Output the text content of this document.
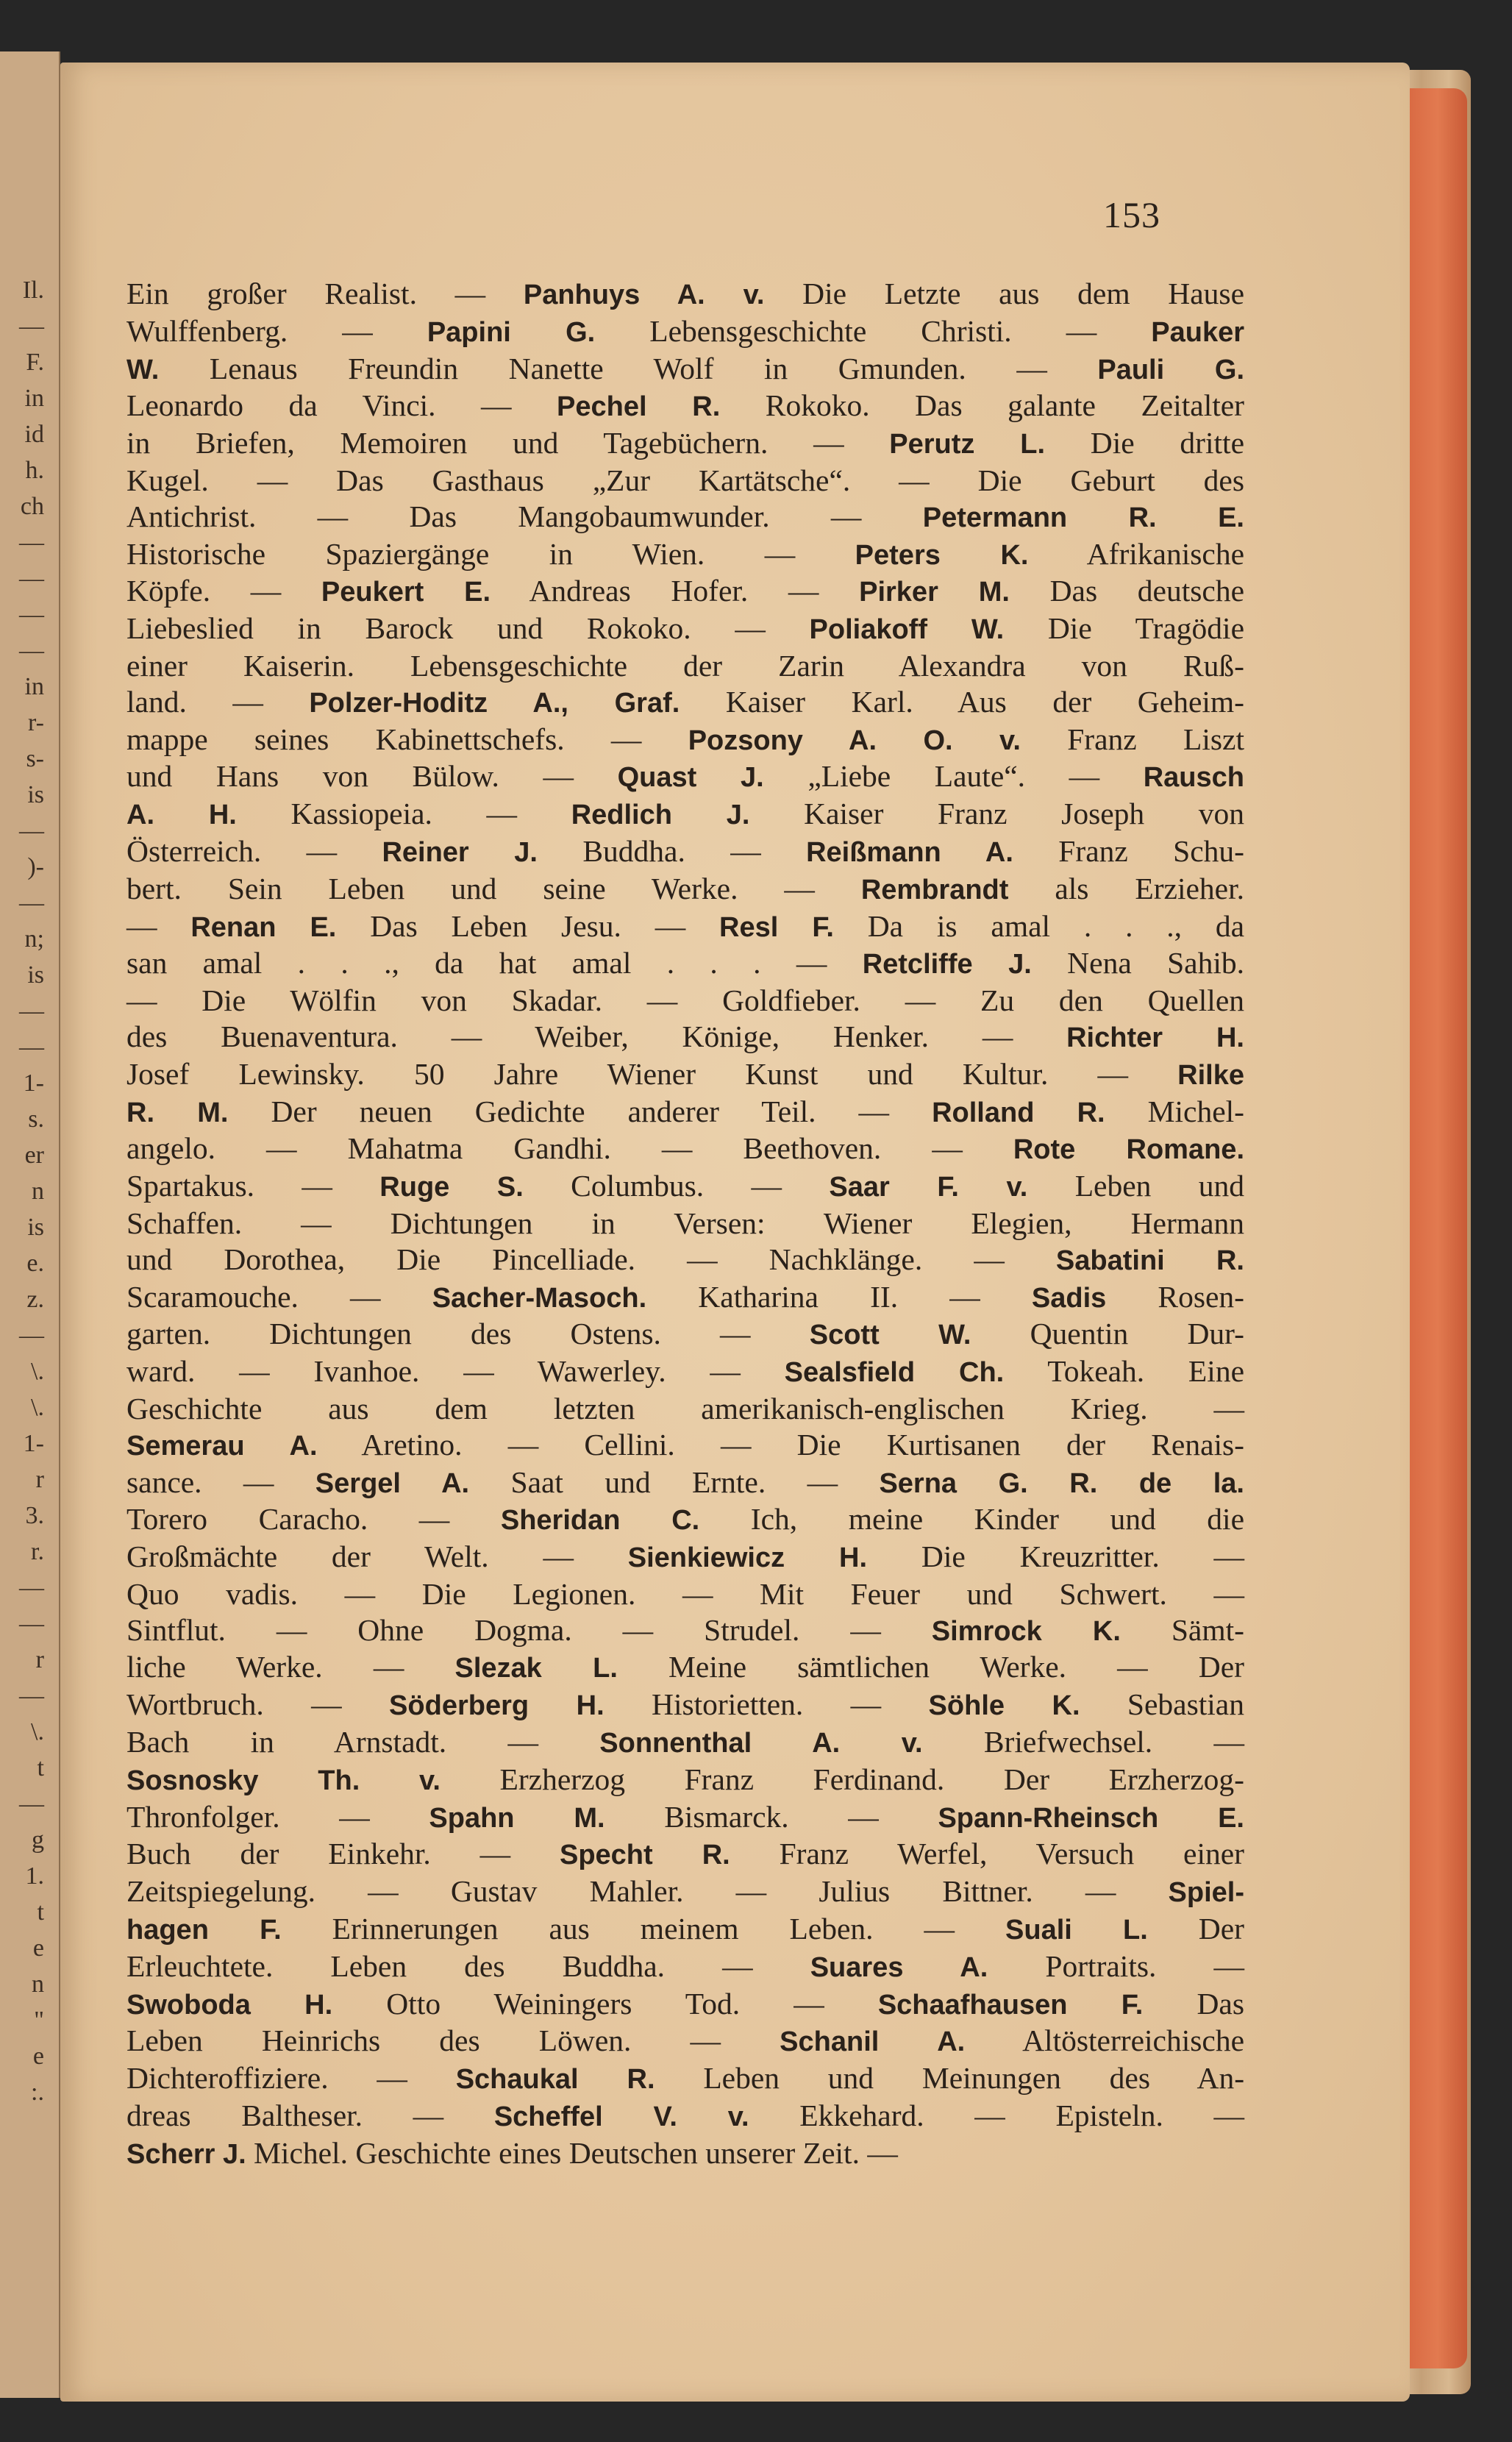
Il.
—
F.
in
id
h.
ch
—
—
—
—
in
r-
s-
is
—
)-
—
n;
is
—
—
1-
s.
er
n
is
e.
z.
—
\.
\.
1-
r
3.
r.
—
—
r
—
\.
t
—
g
1.
t
e
n
"
e
:.
153
Ein großer Realist. — Panhuys A. v. Die Letzte aus dem Hause
Wulffenberg. — Papini G. Lebensgeschichte Christi. — Pauker
W. Lenaus Freundin Nanette Wolf in Gmunden. — Pauli G.
Leonardo da Vinci. — Pechel R. Rokoko. Das galante Zeitalter
in Briefen, Memoiren und Tagebüchern. — Perutz L. Die dritte
Kugel. — Das Gasthaus „Zur Kartätsche“. — Die Geburt des
Antichrist. — Das Mangobaumwunder. — Petermann R. E.
Historische Spaziergänge in Wien. — Peters K. Afrikanische
Köpfe. — Peukert E. Andreas Hofer. — Pirker M. Das deutsche
Liebeslied in Barock und Rokoko. — Poliakoff W. Die Tragödie
einer Kaiserin. Lebensgeschichte der Zarin Alexandra von Ruß-
land. — Polzer-Hoditz A., Graf. Kaiser Karl. Aus der Geheim-
mappe seines Kabinettschefs. — Pozsony A. O. v. Franz Liszt
und Hans von Bülow. — Quast J. „Liebe Laute“. — Rausch
A. H. Kassiopeia. — Redlich J. Kaiser Franz Joseph von
Österreich. — Reiner J. Buddha. — Reißmann A. Franz Schu-
bert. Sein Leben und seine Werke. — Rembrandt als Erzieher.
— Renan E. Das Leben Jesu. — Resl F. Da is amal . . ., da
san amal . . ., da hat amal . . . — Retcliffe J. Nena Sahib.
— Die Wölfin von Skadar. — Goldfieber. — Zu den Quellen
des Buenaventura. — Weiber, Könige, Henker. — Richter H.
Josef Lewinsky. 50 Jahre Wiener Kunst und Kultur. — Rilke
R. M. Der neuen Gedichte anderer Teil. — Rolland R. Michel-
angelo. — Mahatma Gandhi. — Beethoven. — Rote Romane.
Spartakus. — Ruge S. Columbus. — Saar F. v. Leben und
Schaffen. — Dichtungen in Versen: Wiener Elegien, Hermann
und Dorothea, Die Pincelliade. — Nachklänge. — Sabatini R.
Scaramouche. — Sacher-Masoch. Katharina II. — Sadis Rosen-
garten. Dichtungen des Ostens. — Scott W. Quentin Dur-
ward. — Ivanhoe. — Wawerley. — Sealsfield Ch. Tokeah. Eine
Geschichte aus dem letzten amerikanisch-englischen Krieg. —
Semerau A. Aretino. — Cellini. — Die Kurtisanen der Renais-
sance. — Sergel A. Saat und Ernte. — Serna G. R. de la.
Torero Caracho. — Sheridan C. Ich, meine Kinder und die
Großmächte der Welt. — Sienkiewicz H. Die Kreuzritter. —
Quo vadis. — Die Legionen. — Mit Feuer und Schwert. —
Sintflut. — Ohne Dogma. — Strudel. — Simrock K. Sämt-
liche Werke. — Slezak L. Meine sämtlichen Werke. — Der
Wortbruch. — Söderberg H. Historietten. — Söhle K. Sebastian
Bach in Arnstadt. — Sonnenthal A. v. Briefwechsel. —
Sosnosky Th. v. Erzherzog Franz Ferdinand. Der Erzherzog-
Thronfolger. — Spahn M. Bismarck. — Spann-Rheinsch E.
Buch der Einkehr. — Specht R. Franz Werfel, Versuch einer
Zeitspiegelung. — Gustav Mahler. — Julius Bittner. — Spiel-
hagen F. Erinnerungen aus meinem Leben. — Suali L. Der
Erleuchtete. Leben des Buddha. — Suares A. Portraits. —
Swoboda H. Otto Weiningers Tod. — Schaafhausen F. Das
Leben Heinrichs des Löwen. — Schanil A. Altösterreichische
Dichteroffiziere. — Schaukal R. Leben und Meinungen des An-
dreas Baltheser. — Scheffel V. v. Ekkehard. — Episteln. —
Scherr J. Michel. Geschichte eines Deutschen unserer Zeit. —
